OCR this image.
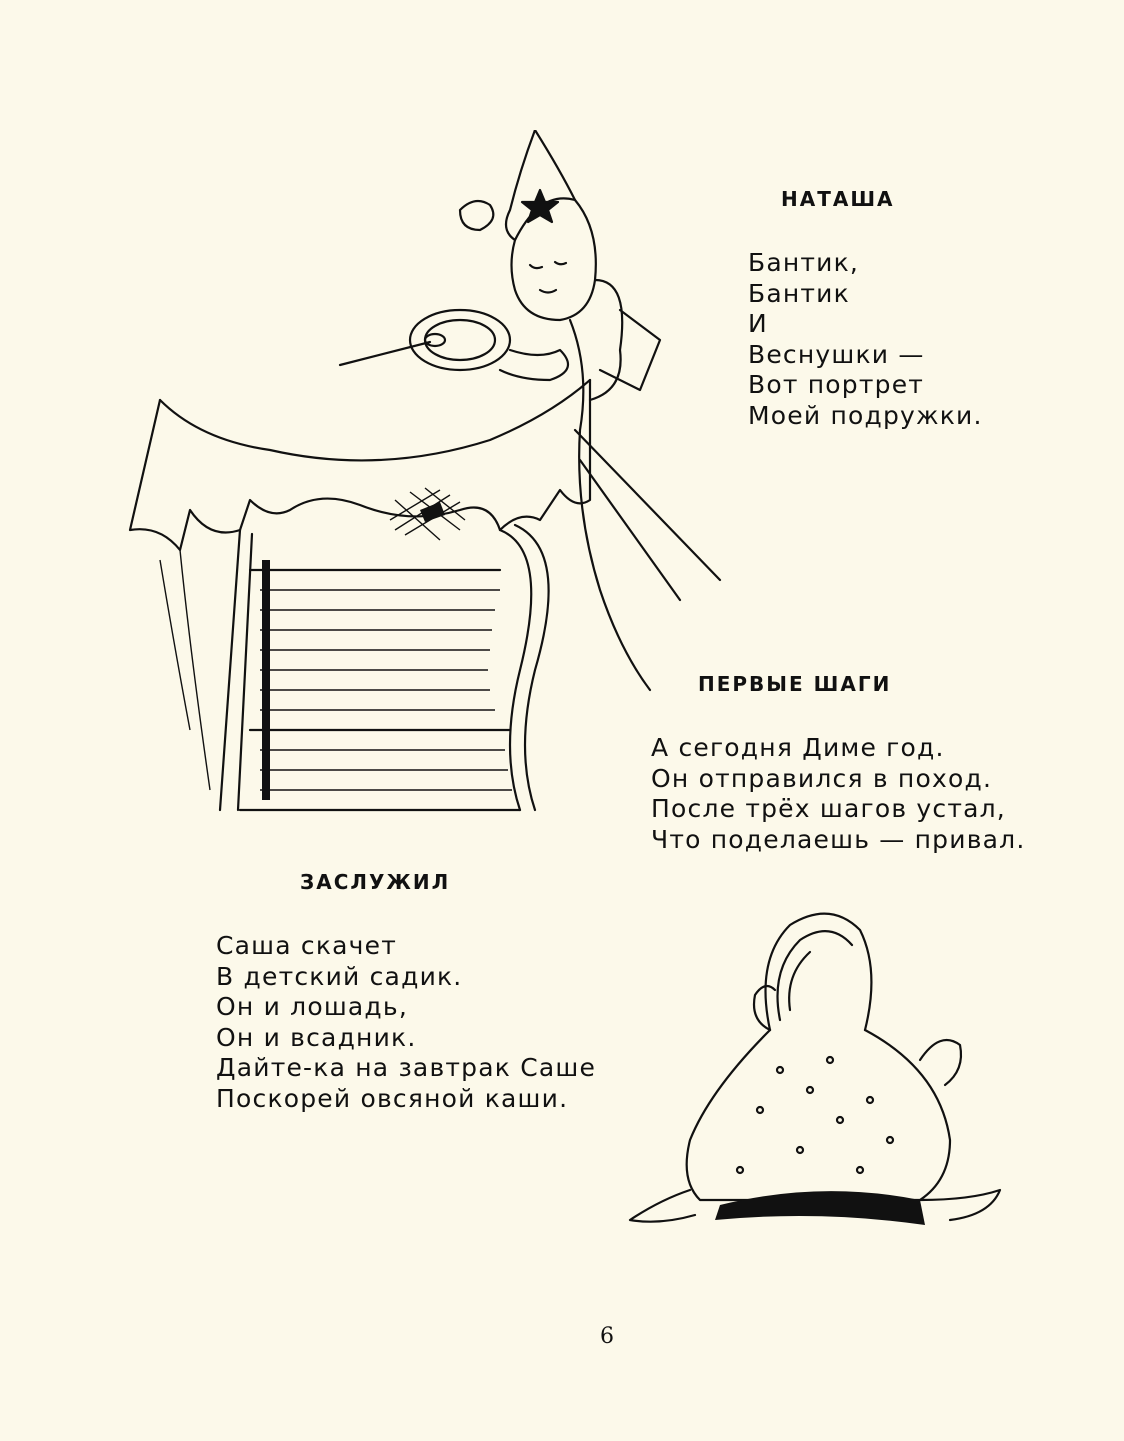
НАТАША
Бантик,
Бантик
И
Веснушки —
Вот портрет
Моей подружки.
ПЕРВЫЕ ШАГИ
А сегодня Диме год.
Он отправился в поход.
После трёх шагов устал,
Что поделаешь — привал.
ЗАСЛУЖИЛ
Саша скачет
В детский садик.
Он и лошадь,
Он и всадник.
Дайте-ка на завтрак Саше
Поскорей овсяной каши.
6
